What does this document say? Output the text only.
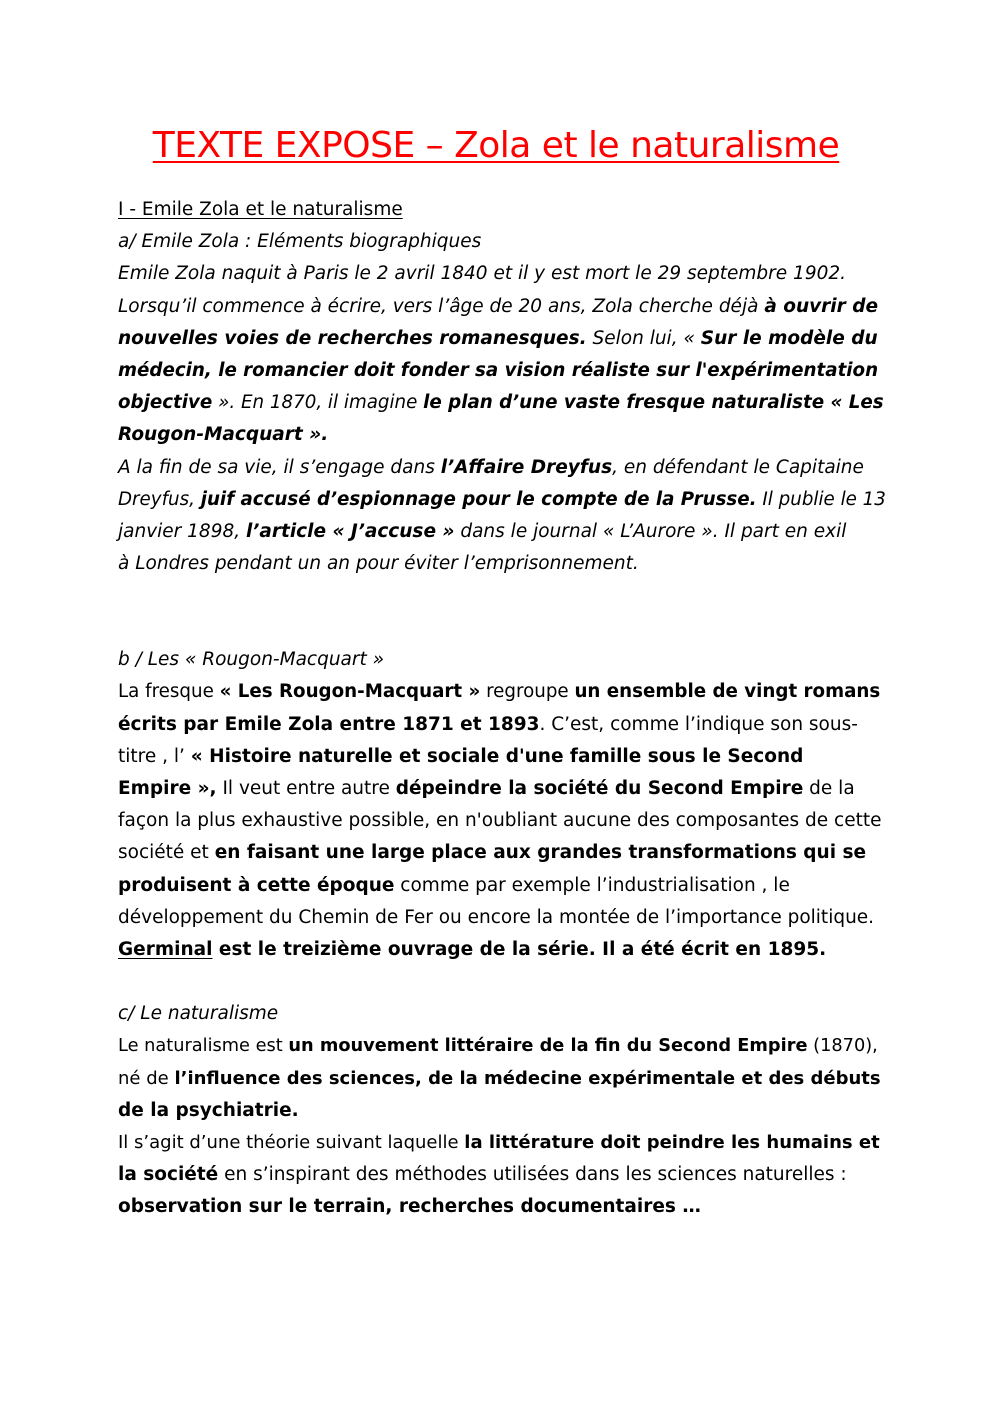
TEXTE EXPOSE – Zola et le naturalisme
I - Emile Zola et le naturalisme
a/ Emile Zola : Eléments biographiques
Emile Zola naquit à Paris le 2 avril 1840 et il y est mort le 29 septembre 1902.
Lorsqu’il commence à écrire, vers l’âge de 20 ans, Zola cherche déjà à ouvrir de
nouvelles voies de recherches romanesques. Selon lui, « Sur le modèle du
médecin, le romancier doit fonder sa vision réaliste sur l'expérimentation
objective ». En 1870, il imagine le plan d’une vaste fresque naturaliste « Les
Rougon-Macquart ».
A la fin de sa vie, il s’engage dans l’Affaire Dreyfus, en défendant le Capitaine
Dreyfus, juif accusé d’espionnage pour le compte de la Prusse. Il publie le 13
janvier 1898, l’article « J’accuse » dans le journal « L’Aurore ». Il part en exil
à Londres pendant un an pour éviter l’emprisonnement.
b / Les « Rougon-Macquart »
La fresque « Les Rougon-Macquart » regroupe un ensemble de vingt romans
écrits par Emile Zola entre 1871 et 1893. C’est, comme l’indique son sous-
titre , l’ « Histoire naturelle et sociale d'une famille sous le Second
Empire », Il veut entre autre dépeindre la société du Second Empire de la
façon la plus exhaustive possible, en n'oubliant aucune des composantes de cette
société et en faisant une large place aux grandes transformations qui se
produisent à cette époque comme par exemple l’industrialisation , le
développement du Chemin de Fer ou encore la montée de l’importance politique.
Germinal est le treizième ouvrage de la série. Il a été écrit en 1895.
c/ Le naturalisme
Le naturalisme est un mouvement littéraire de la fin du Second Empire (1870),
né de l’influence des sciences, de la médecine expérimentale et des débuts
de la psychiatrie.
Il s’agit d’une théorie suivant laquelle la littérature doit peindre les humains et
la société en s’inspirant des méthodes utilisées dans les sciences naturelles :
observation sur le terrain, recherches documentaires …
